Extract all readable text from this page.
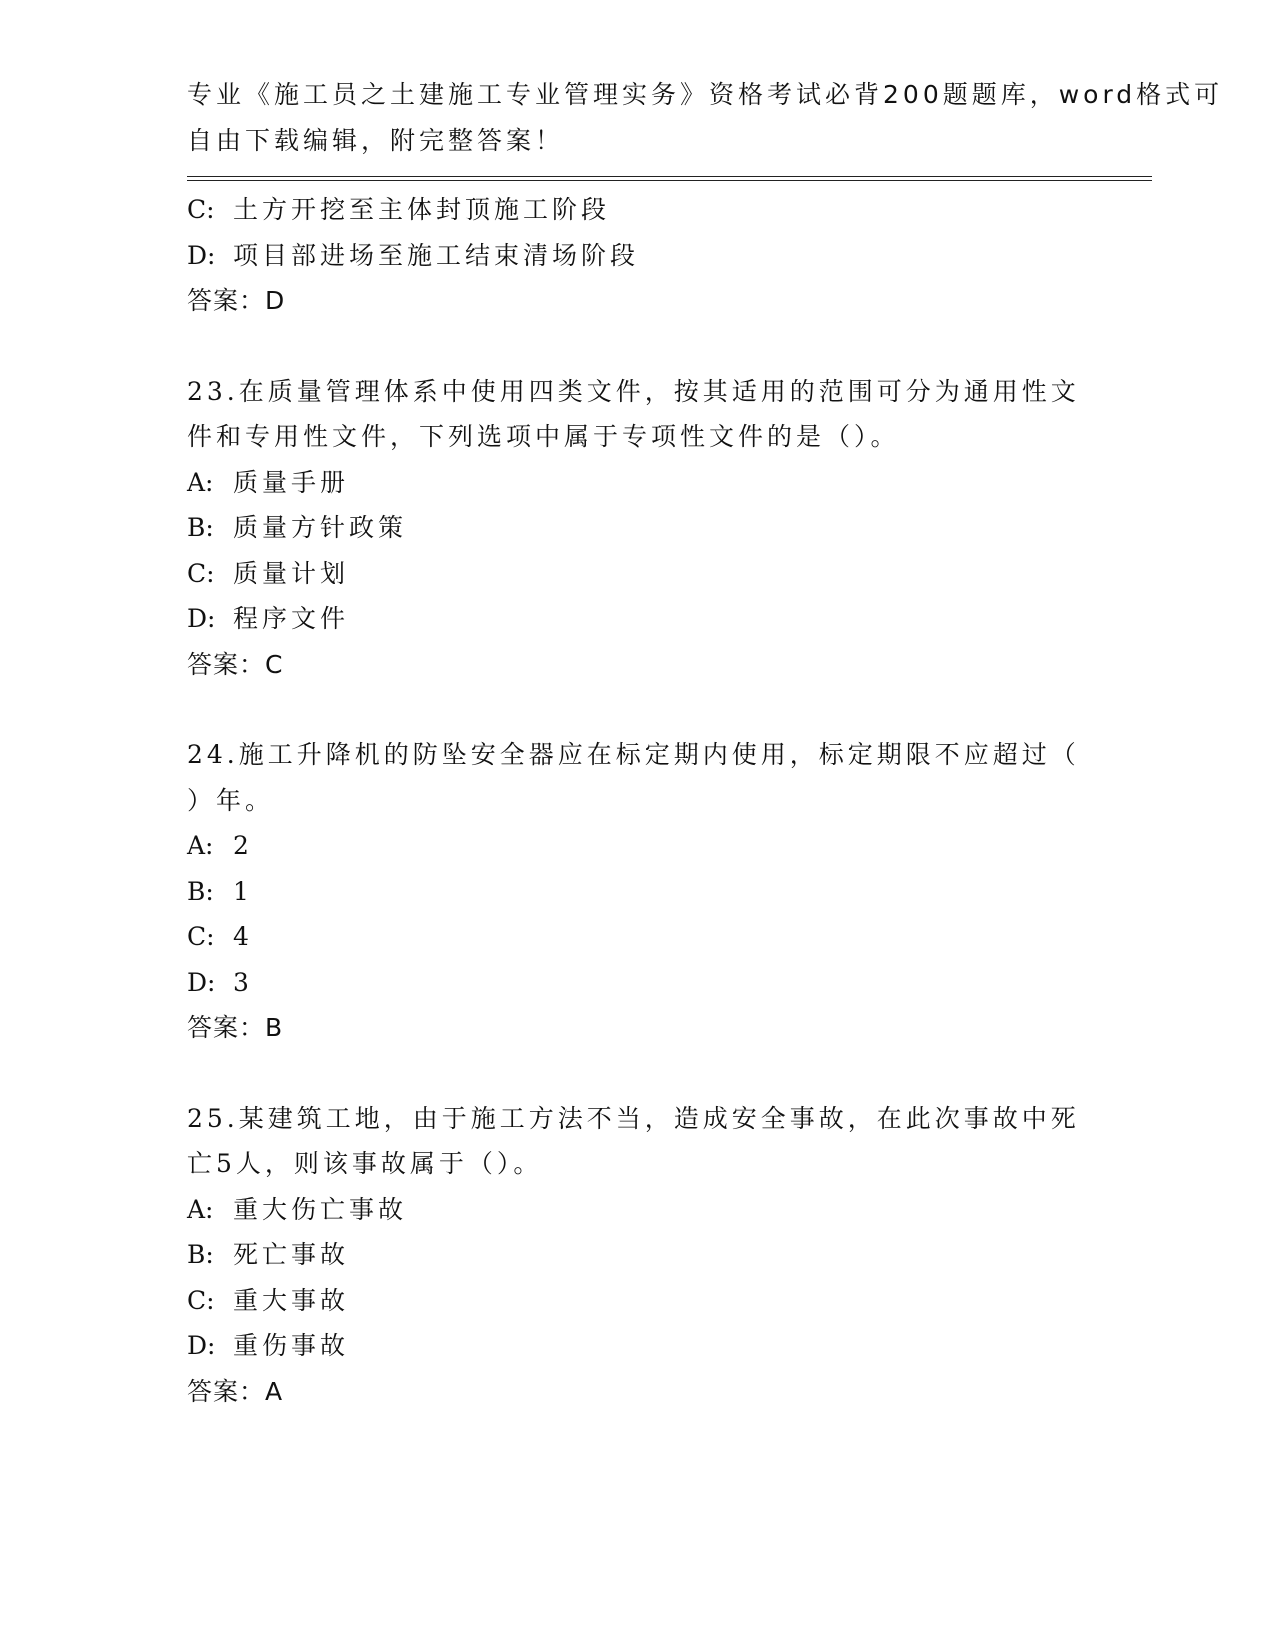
专业《施工员之土建施工专业管理实务》资格考试必背200题题库，word格式可
自由下载编辑，附完整答案！
C: 土方开挖至主体封顶施工阶段
D: 项目部进场至施工结束清场阶段
答案：D
23.在质量管理体系中使用四类文件，按其适用的范围可分为通用性文
件和专用性文件，下列选项中属于专项性文件的是（）。
A: 质量手册
B: 质量方针政策
C: 质量计划
D: 程序文件
答案：C
24.施工升降机的防坠安全器应在标定期内使用，标定期限不应超过（
）年。
A: 2
B: 1
C: 4
D: 3
答案：B
25.某建筑工地，由于施工方法不当，造成安全事故，在此次事故中死
亡5人，则该事故属于（）。
A: 重大伤亡事故
B: 死亡事故
C: 重大事故
D: 重伤事故
答案：A
